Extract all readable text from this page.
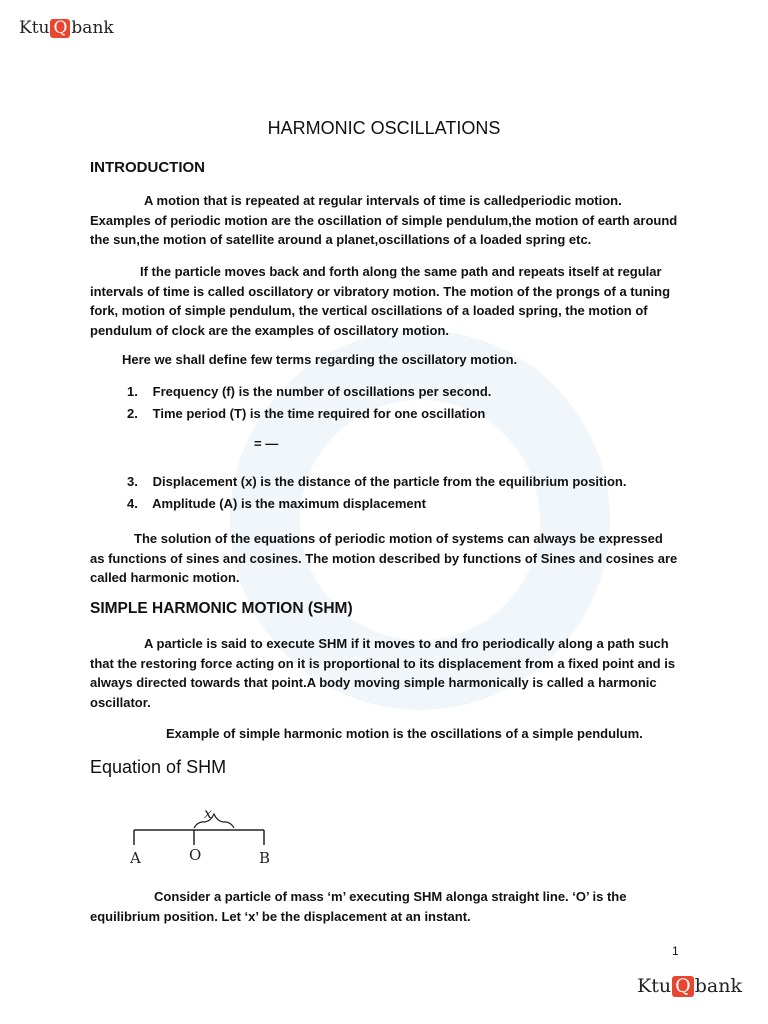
Ktu Q bank
HARMONIC OSCILLATIONS
INTRODUCTION

A motion that is repeated at regular intervals of time is calledperiodic motion. Examples of periodic motion are the oscillation of simple pendulum,the motion of earth around the sun,the motion of satellite around a planet,oscillations of a loaded spring etc.

If the particle moves back and forth along the same path and repeats itself at regular intervals of time is called oscillatory or vibratory motion. The motion of the prongs of a tuning fork, motion of simple pendulum, the vertical oscillations of a loaded spring, the motion of pendulum of clock are the examples of oscillatory motion.

Here we shall define few terms regarding the oscillatory motion.

1. Frequency (f) is the number of oscillations per second.
2. Time period (T) is the time required for one oscillation
= —
3. Displacement (x) is the distance of the particle from the equilibrium position.
4. Amplitude (A) is the maximum displacement

The solution of the equations of periodic motion of systems can always be expressed as functions of sines and cosines. The motion described by functions of Sines and cosines are called harmonic motion.

SIMPLE HARMONIC MOTION (SHM)

A particle is said to execute SHM if it moves to and fro periodically along a path such that the restoring force acting on it is proportional to its displacement from a fixed point and is always directed towards that point.A body moving simple harmonically is called a harmonic oscillator.

Example of simple harmonic motion is the oscillations of a simple pendulum.

Equation of SHM
x
A	O	B

Consider a particle of mass ‘m’ executing SHM alonga straight line. ‘O’ is the equilibrium position. Let ‘x’ be the displacement at an instant.

1
Ktu Q bank
